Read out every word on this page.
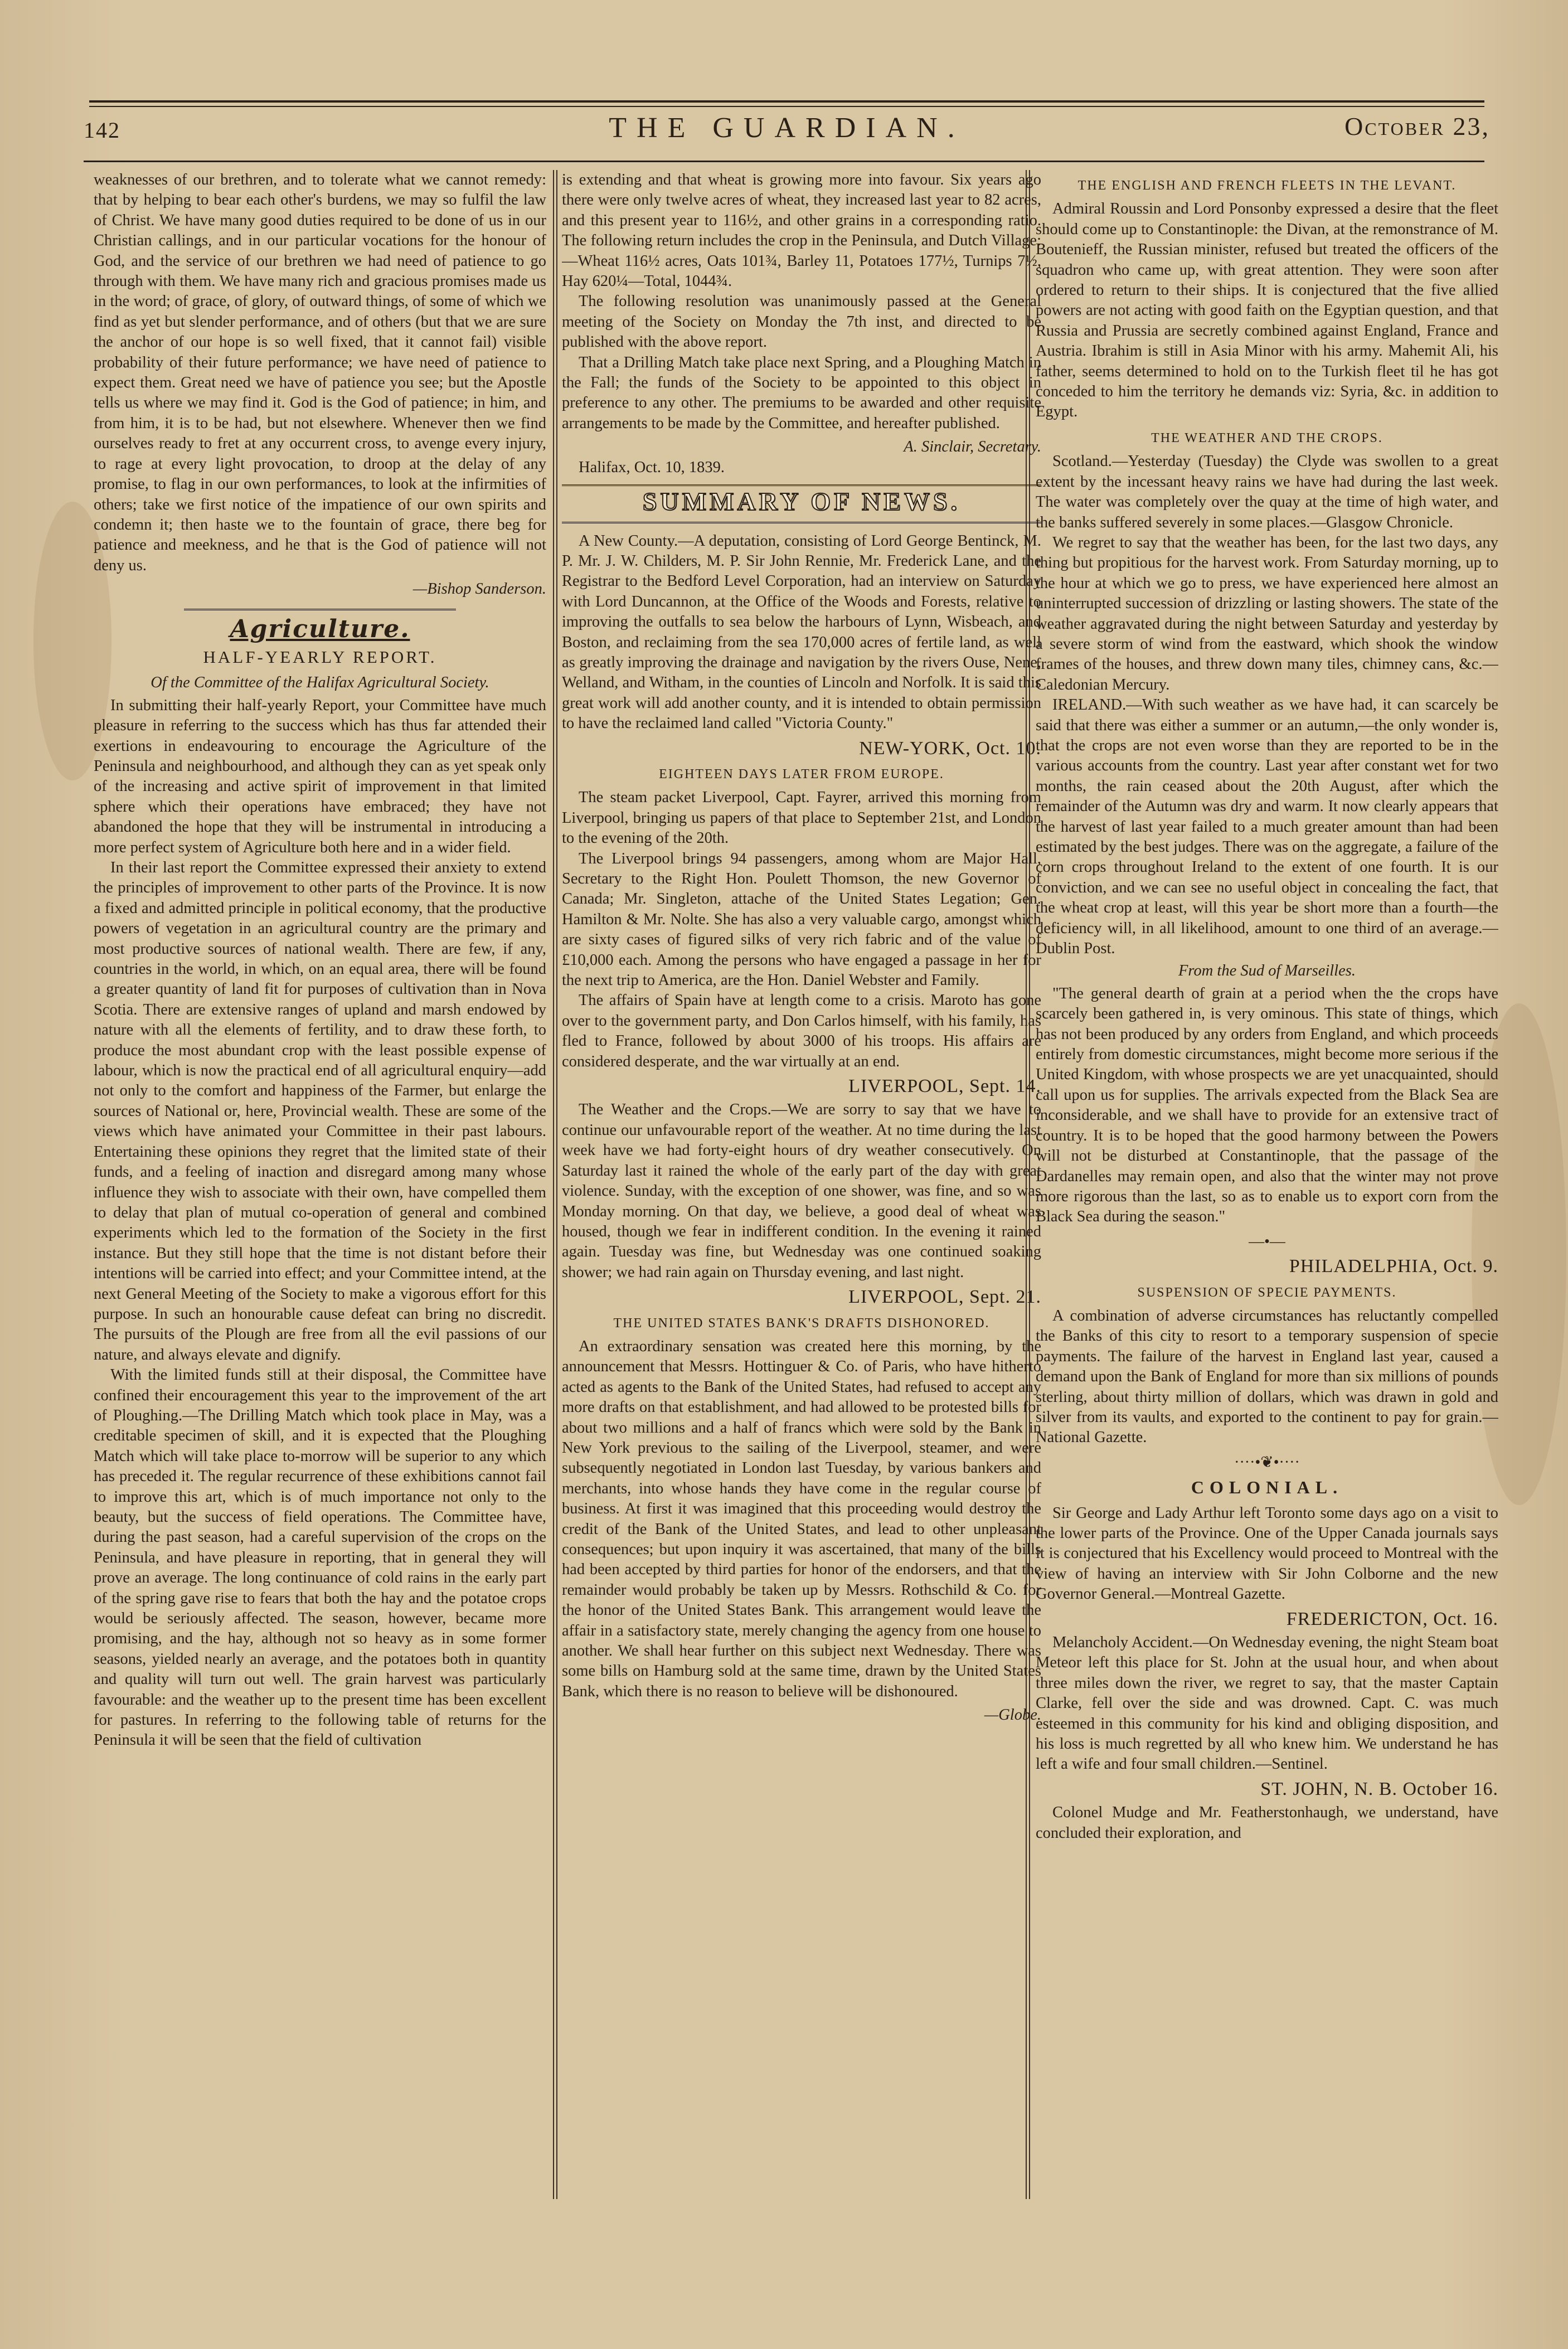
142	THE GUARDIAN.	October 23,

weaknesses of our brethren, and to tolerate what we cannot remedy: that by helping to bear each other's burdens, we may so fulfil the law of Christ. We have many good duties required to be done of us in our Christian callings, and in our particular vocations for the honour of God, and the service of our brethren we had need of patience to go through with them. We have many rich and gracious promises made us in the word; of grace, of glory, of outward things, of some of which we find as yet but slender performance, and of others (but that we are sure the anchor of our hope is so well fixed, that it cannot fail) visible probability of their future performance; we have need of patience to expect them. Great need we have of patience you see; but the Apostle tells us where we may find it. God is the God of patience; in him, and from him, it is to be had, but not elsewhere. Whenever then we find ourselves ready to fret at any occurrent cross, to avenge every injury, to rage at every light provocation, to droop at the delay of any promise, to flag in our own performances, to look at the infirmities of others; take we first notice of the impatience of our own spirits and condemn it; then haste we to the fountain of grace, there beg for patience and meekness, and he that is the God of patience will not deny us.

—Bishop Sanderson.
Agriculture.
HALF-YEARLY REPORT.
Of the Committee of the Halifax Agricultural Society.

In submitting their half-yearly Report, your Committee have much pleasure in referring to the success which has thus far attended their exertions in endeavouring to encourage the Agriculture of the Peninsula and neighbourhood, and although they can as yet speak only of the increasing and active spirit of improvement in that limited sphere which their operations have embraced; they have not abandoned the hope that they will be instrumental in introducing a more perfect system of Agriculture both here and in a wider field.

In their last report the Committee expressed their anxiety to extend the principles of improvement to other parts of the Province. It is now a fixed and admitted principle in political economy, that the productive powers of vegetation in an agricultural country are the primary and most productive sources of national wealth. There are few, if any, countries in the world, in which, on an equal area, there will be found a greater quantity of land fit for purposes of cultivation than in Nova Scotia. There are extensive ranges of upland and marsh endowed by nature with all the elements of fertility, and to draw these forth, to produce the most abundant crop with the least possible expense of labour, which is now the practical end of all agricultural enquiry—add not only to the comfort and happiness of the Farmer, but enlarge the sources of National or, here, Provincial wealth. These are some of the views which have animated your Committee in their past labours. Entertaining these opinions they regret that the limited state of their funds, and a feeling of inaction and disregard among many whose influence they wish to associate with their own, have compelled them to delay that plan of mutual co-operation of general and combined experiments which led to the formation of the Society in the first instance. But they still hope that the time is not distant before their intentions will be carried into effect; and your Committee intend, at the next General Meeting of the Society to make a vigorous effort for this purpose. In such an honourable cause defeat can bring no discredit. The pursuits of the Plough are free from all the evil passions of our nature, and always elevate and dignify.

With the limited funds still at their disposal, the Committee have confined their encouragement this year to the improvement of the art of Ploughing.—The Drilling Match which took place in May, was a creditable specimen of skill, and it is expected that the Ploughing Match which will take place to-morrow will be superior to any which has preceded it. The regular recurrence of these exhibitions cannot fail to improve this art, which is of much importance not only to the beauty, but the success of field operations. The Committee have, during the past season, had a careful supervision of the crops on the Peninsula, and have pleasure in reporting, that in general they will prove an average. The long continuance of cold rains in the early part of the spring gave rise to fears that both the hay and the potatoe crops would be seriously affected. The season, however, became more promising, and the hay, although not so heavy as in some former seasons, yielded nearly an average, and the potatoes both in quantity and quality will turn out well. The grain harvest was particularly favourable: and the weather up to the present time has been excellent for pastures. In referring to the following table of returns for the Peninsula it will be seen that the field of cultivation

is extending and that wheat is growing more into favour. Six years ago there were only twelve acres of wheat, they increased last year to 82 acres, and this present year to 116½, and other grains in a corresponding ratio. The following return includes the crop in the Peninsula, and Dutch Village:—Wheat 116½ acres, Oats 101¾, Barley 11, Potatoes 177½, Turnips 7½, Hay 620¼—Total, 1044¾.

The following resolution was unanimously passed at the General meeting of the Society on Monday the 7th inst, and directed to be published with the above report.

That a Drilling Match take place next Spring, and a Ploughing Match in the Fall; the funds of the Society to be appointed to this object in preference to any other. The premiums to be awarded and other requisite arrangements to be made by the Committee, and hereafter published.

A. Sinclair, Secretary.

Halifax, Oct. 10, 1839.

SUMMARY OF NEWS.

A New County.—A deputation, consisting of Lord George Bentinck, M. P. Mr. J. W. Childers, M. P. Sir John Rennie, Mr. Frederick Lane, and the Registrar to the Bedford Level Corporation, had an interview on Saturday with Lord Duncannon, at the Office of the Woods and Forests, relative to improving the outfalls to sea below the harbours of Lynn, Wisbeach, and Boston, and reclaiming from the sea 170,000 acres of fertile land, as well as greatly improving the drainage and navigation by the rivers Ouse, Nene, Welland, and Witham, in the counties of Lincoln and Norfolk. It is said this great work will add another county, and it is intended to obtain permission to have the reclaimed land called "Victoria County."

NEW-YORK, Oct. 10.
EIGHTEEN DAYS LATER FROM EUROPE.

The steam packet Liverpool, Capt. Fayrer, arrived this morning from Liverpool, bringing us papers of that place to September 21st, and London to the evening of the 20th.

The Liverpool brings 94 passengers, among whom are Major Hall, Secretary to the Right Hon. Poulett Thomson, the new Governor of Canada; Mr. Singleton, attache of the United States Legation; Gen. Hamilton & Mr. Nolte. She has also a very valuable cargo, amongst which are sixty cases of figured silks of very rich fabric and of the value of £10,000 each. Among the persons who have engaged a passage in her for the next trip to America, are the Hon. Daniel Webster and Family.

The affairs of Spain have at length come to a crisis. Maroto has gone over to the government party, and Don Carlos himself, with his family, has fled to France, followed by about 3000 of his troops. His affairs are considered desperate, and the war virtually at an end.

LIVERPOOL, Sept. 14.

The Weather and the Crops.—We are sorry to say that we have to continue our unfavourable report of the weather. At no time during the last week have we had forty-eight hours of dry weather consecutively. On Saturday last it rained the whole of the early part of the day with great violence. Sunday, with the exception of one shower, was fine, and so was Monday morning. On that day, we believe, a good deal of wheat was housed, though we fear in indifferent condition. In the evening it rained again. Tuesday was fine, but Wednesday was one continued soaking shower; we had rain again on Thursday evening, and last night.

LIVERPOOL, Sept. 21.
THE UNITED STATES BANK'S DRAFTS DISHONORED.

An extraordinary sensation was created here this morning, by the announcement that Messrs. Hottinguer & Co. of Paris, who have hitherto acted as agents to the Bank of the United States, had refused to accept any more drafts on that establishment, and had allowed to be protested bills for about two millions and a half of francs which were sold by the Bank in New York previous to the sailing of the Liverpool, steamer, and were subsequently negotiated in London last Tuesday, by various bankers and merchants, into whose hands they have come in the regular course of business. At first it was imagined that this proceeding would destroy the credit of the Bank of the United States, and lead to other unpleasant consequences; but upon inquiry it was ascertained, that many of the bills had been accepted by third parties for honor of the endorsers, and that the remainder would probably be taken up by Messrs. Rothschild & Co. for the honor of the United States Bank. This arrangement would leave the affair in a satisfactory state, merely changing the agency from one house to another. We shall hear further on this subject next Wednesday. There was some bills on Hamburg sold at the same time, drawn by the United States Bank, which there is no reason to believe will be dishonoured.

—Globe.
THE ENGLISH AND FRENCH FLEETS IN THE LEVANT.

Admiral Roussin and Lord Ponsonby expressed a desire that the fleet should come up to Constantinople: the Divan, at the remonstrance of M. Boutenieff, the Russian minister, refused but treated the officers of the squadron who came up, with great attention. They were soon after ordered to return to their ships. It is conjectured that the five allied powers are not acting with good faith on the Egyptian question, and that Russia and Prussia are secretly combined against England, France and Austria. Ibrahim is still in Asia Minor with his army. Mahemit Ali, his father, seems determined to hold on to the Turkish fleet til he has got conceded to him the territory he demands viz: Syria, &c. in addition to Egypt.

THE WEATHER AND THE CROPS.

Scotland.—Yesterday (Tuesday) the Clyde was swollen to a great extent by the incessant heavy rains we have had during the last week. The water was completely over the quay at the time of high water, and the banks suffered severely in some places.—Glasgow Chronicle.

We regret to say that the weather has been, for the last two days, any thing but propitious for the harvest work. From Saturday morning, up to the hour at which we go to press, we have experienced here almost an uninterrupted succession of drizzling or lasting showers. The state of the weather aggravated during the night between Saturday and yesterday by a severe storm of wind from the eastward, which shook the window frames of the houses, and threw down many tiles, chimney cans, &c.—Caledonian Mercury.

IRELAND.—With such weather as we have had, it can scarcely be said that there was either a summer or an autumn,—the only wonder is, that the crops are not even worse than they are reported to be in the various accounts from the country. Last year after constant wet for two months, the rain ceased about the 20th August, after which the remainder of the Autumn was dry and warm. It now clearly appears that the harvest of last year failed to a much greater amount than had been estimated by the best judges. There was on the aggregate, a failure of the corn crops throughout Ireland to the extent of one fourth. It is our conviction, and we can see no useful object in concealing the fact, that the wheat crop at least, will this year be short more than a fourth—the deficiency will, in all likelihood, amount to one third of an average.—Dublin Post.

From the Sud of Marseilles.

"The general dearth of grain at a period when the the crops have scarcely been gathered in, is very ominous. This state of things, which has not been produced by any orders from England, and which proceeds entirely from domestic circumstances, might become more serious if the United Kingdom, with whose prospects we are yet unacquainted, should call upon us for supplies. The arrivals expected from the Black Sea are inconsiderable, and we shall have to provide for an extensive tract of country. It is to be hoped that the good harmony between the Powers will not be disturbed at Constantinople, that the passage of the Dardanelles may remain open, and also that the winter may not prove more rigorous than the last, so as to enable us to export corn from the Black Sea during the season."

—•—
PHILADELPHIA, Oct. 9.
SUSPENSION OF SPECIE PAYMENTS.

A combination of adverse circumstances has reluctantly compelled the Banks of this city to resort to a temporary suspension of specie payments. The failure of the harvest in England last year, caused a demand upon the Bank of England for more than six millions of pounds sterling, about thirty million of dollars, which was drawn in gold and silver from its vaults, and exported to the continent to pay for grain.—National Gazette.

····•❦•····
COLONIAL.

Sir George and Lady Arthur left Toronto some days ago on a visit to the lower parts of the Province. One of the Upper Canada journals says it is conjectured that his Excellency would proceed to Montreal with the view of having an interview with Sir John Colborne and the new Governor General.—Montreal Gazette.

FREDERICTON, Oct. 16.

Melancholy Accident.—On Wednesday evening, the night Steam boat Meteor left this place for St. John at the usual hour, and when about three miles down the river, we regret to say, that the master Captain Clarke, fell over the side and was drowned. Capt. C. was much esteemed in this community for his kind and obliging disposition, and his loss is much regretted by all who knew him. We understand he has left a wife and four small children.—Sentinel.

ST. JOHN, N. B. October 16.

Colonel Mudge and Mr. Featherstonhaugh, we understand, have concluded their exploration, and
